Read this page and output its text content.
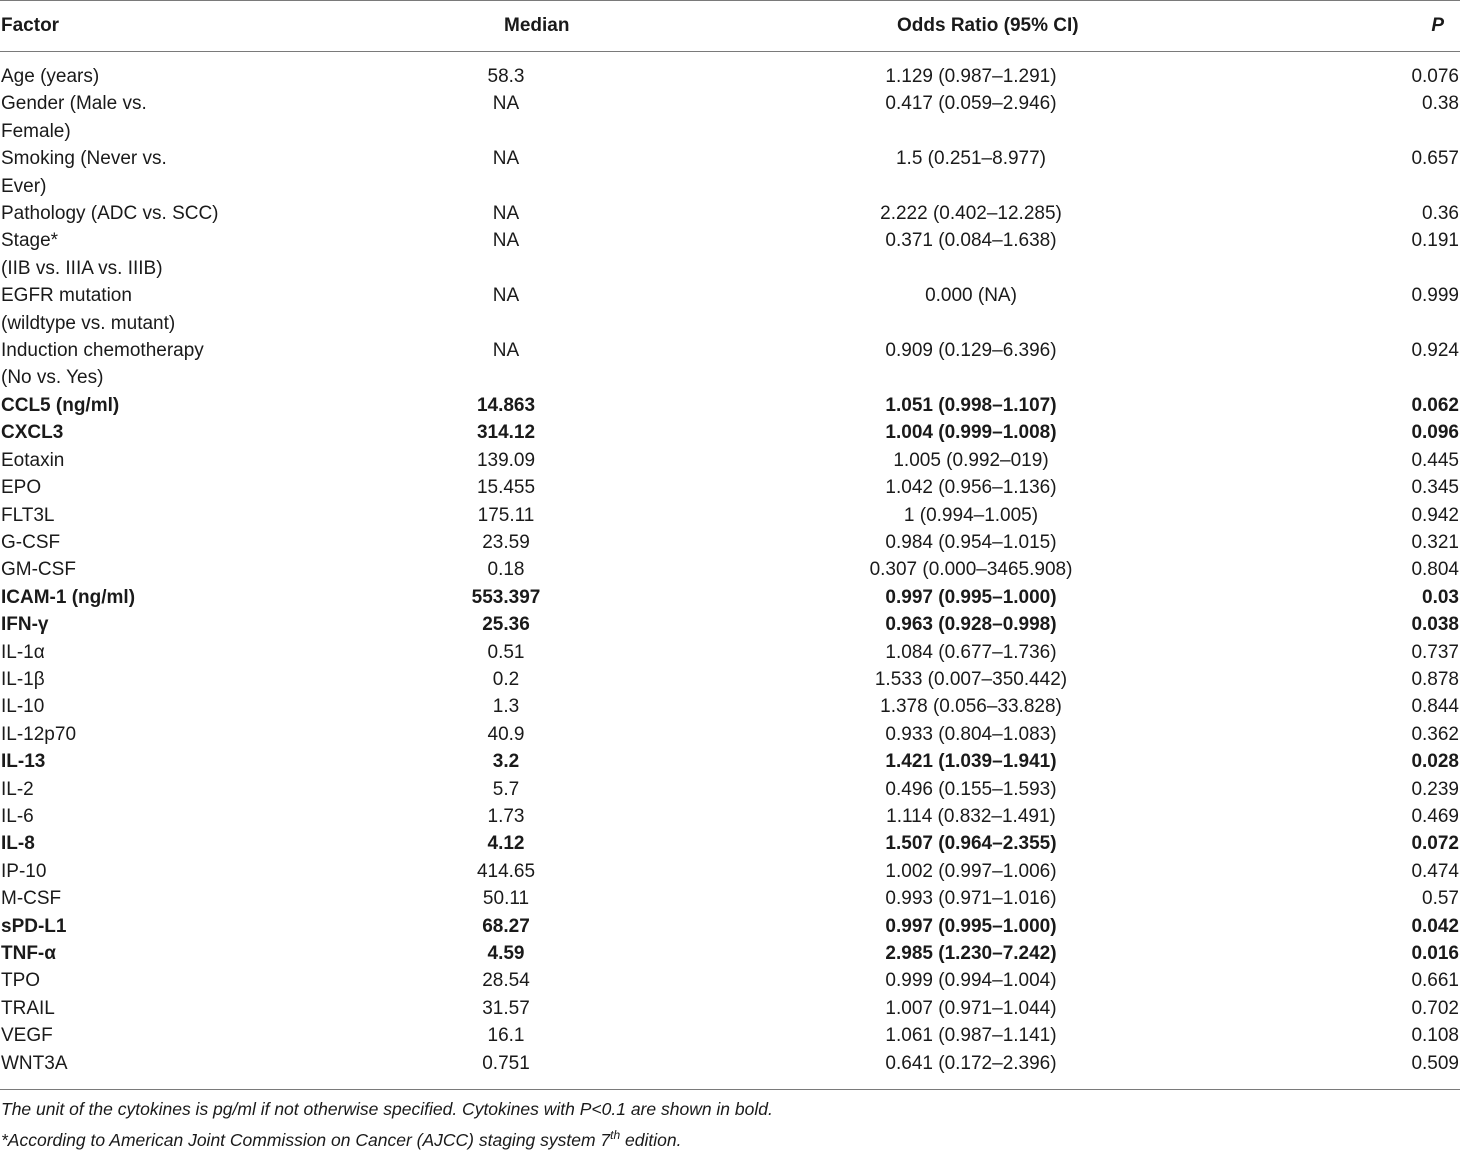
Factor	Median	Odds Ratio (95% CI)	P
Age (years)	58.3	1.129 (0.987–1.291)	0.076
Gender (Male vs.	NA	0.417 (0.059–2.946)	0.38
Female)			
Smoking (Never vs.	NA	1.5 (0.251–8.977)	0.657
Ever)			
Pathology (ADC vs. SCC)	NA	2.222 (0.402–12.285)	0.36
Stage*	NA	0.371 (0.084–1.638)	0.191
(IIB vs. IIIA vs. IIIB)			
EGFR mutation	NA	0.000 (NA)	0.999
(wildtype vs. mutant)			
Induction chemotherapy	NA	0.909 (0.129–6.396)	0.924
(No vs. Yes)			
CCL5 (ng/ml)	14.863	1.051 (0.998–1.107)	0.062
CXCL3	314.12	1.004 (0.999–1.008)	0.096
Eotaxin	139.09	1.005 (0.992–019)	0.445
EPO	15.455	1.042 (0.956–1.136)	0.345
FLT3L	175.11	1 (0.994–1.005)	0.942
G-CSF	23.59	0.984 (0.954–1.015)	0.321
GM-CSF	0.18	0.307 (0.000–3465.908)	0.804
ICAM-1 (ng/ml)	553.397	0.997 (0.995–1.000)	0.03
IFN-γ	25.36	0.963 (0.928–0.998)	0.038
IL-1α	0.51	1.084 (0.677–1.736)	0.737
IL-1β	0.2	1.533 (0.007–350.442)	0.878
IL-10	1.3	1.378 (0.056–33.828)	0.844
IL-12p70	40.9	0.933 (0.804–1.083)	0.362
IL-13	3.2	1.421 (1.039–1.941)	0.028
IL-2	5.7	0.496 (0.155–1.593)	0.239
IL-6	1.73	1.114 (0.832–1.491)	0.469
IL-8	4.12	1.507 (0.964–2.355)	0.072
IP-10	414.65	1.002 (0.997–1.006)	0.474
M-CSF	50.11	0.993 (0.971–1.016)	0.57
sPD-L1	68.27	0.997 (0.995–1.000)	0.042
TNF-α	4.59	2.985 (1.230–7.242)	0.016
TPO	28.54	0.999 (0.994–1.004)	0.661
TRAIL	31.57	1.007 (0.971–1.044)	0.702
VEGF	16.1	1.061 (0.987–1.141)	0.108
WNT3A	0.751	0.641 (0.172–2.396)	0.509
The unit of the cytokines is pg/ml if not otherwise specified. Cytokines with P<0.1 are shown in bold.
*According to American Joint Commission on Cancer (AJCC) staging system 7th edition.
